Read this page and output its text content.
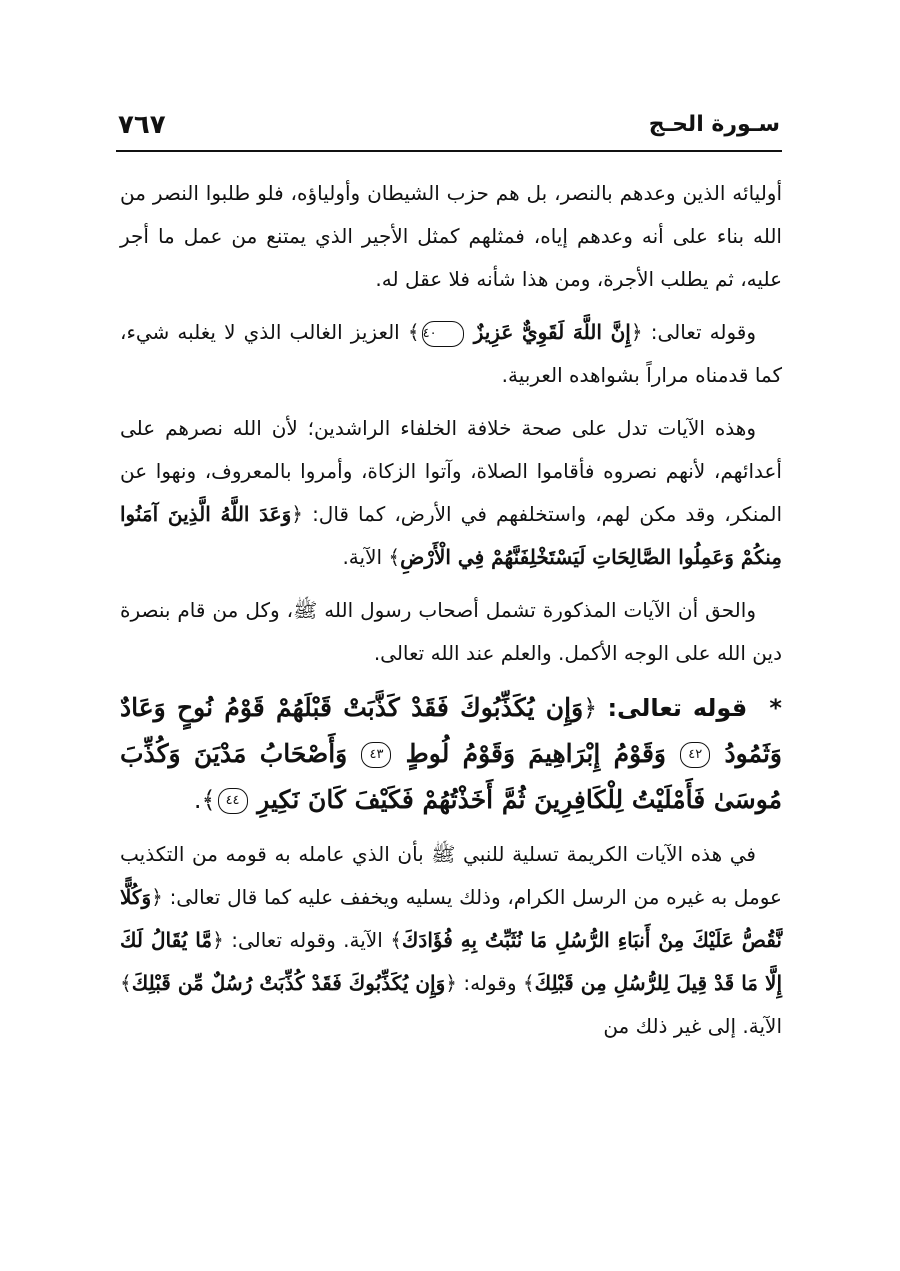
سـورة الحـج
٧٦٧

أوليائه الذين وعدهم بالنصر، بل هم حزب الشيطان وأولياؤه، فلو طلبوا النصر من الله بناء على أنه وعدهم إياه، فمثلهم كمثل الأجير الذي يمتنع من عمل ما أجر عليه، ثم يطلب الأجرة، ومن هذا شأنه فلا عقل له.

وقوله تعالى: ﴿إِنَّ اللَّهَ لَقَوِيٌّ عَزِيزٌ ٤٠﴾ العزيز الغالب الذي لا يغلبه شيء، كما قدمناه مراراً بشواهده العربية.

وهذه الآيات تدل على صحة خلافة الخلفاء الراشدين؛ لأن الله نصرهم على أعدائهم، لأنهم نصروه فأقاموا الصلاة، وآتوا الزكاة، وأمروا بالمعروف، ونهوا عن المنكر، وقد مكن لهم، واستخلفهم في الأرض، كما قال: ﴿وَعَدَ اللَّهُ الَّذِينَ آمَنُوا مِنكُمْ وَعَمِلُوا الصَّالِحَاتِ لَيَسْتَخْلِفَنَّهُمْ فِي الْأَرْضِ﴾ الآية.

والحق أن الآيات المذكورة تشمل أصحاب رسول الله ﷺ، وكل من قام بنصرة دين الله على الوجه الأكمل. والعلم عند الله تعالى.

* قوله تعالى: ﴿وَإِن يُكَذِّبُوكَ فَقَدْ كَذَّبَتْ قَبْلَهُمْ قَوْمُ نُوحٍ وَعَادٌ وَثَمُودُ ٤٢ وَقَوْمُ إِبْرَاهِيمَ وَقَوْمُ لُوطٍ ٤٣ وَأَصْحَابُ مَدْيَنَ وَكُذِّبَ مُوسَىٰ فَأَمْلَيْتُ لِلْكَافِرِينَ ثُمَّ أَخَذْتُهُمْ فَكَيْفَ كَانَ نَكِيرِ ٤٤﴾.

في هذه الآيات الكريمة تسلية للنبي ﷺ بأن الذي عامله به قومه من التكذيب عومل به غيره من الرسل الكرام، وذلك يسليه ويخفف عليه كما قال تعالى: ﴿وَكُلًّا نَّقُصُّ عَلَيْكَ مِنْ أَنبَاءِ الرُّسُلِ مَا نُثَبِّتُ بِهِ فُؤَادَكَ﴾ الآية. وقوله تعالى: ﴿مَّا يُقَالُ لَكَ إِلَّا مَا قَدْ قِيلَ لِلرُّسُلِ مِن قَبْلِكَ﴾ وقوله: ﴿وَإِن يُكَذِّبُوكَ فَقَدْ كُذِّبَتْ رُسُلٌ مِّن قَبْلِكَ﴾ الآية. إلى غير ذلك من
